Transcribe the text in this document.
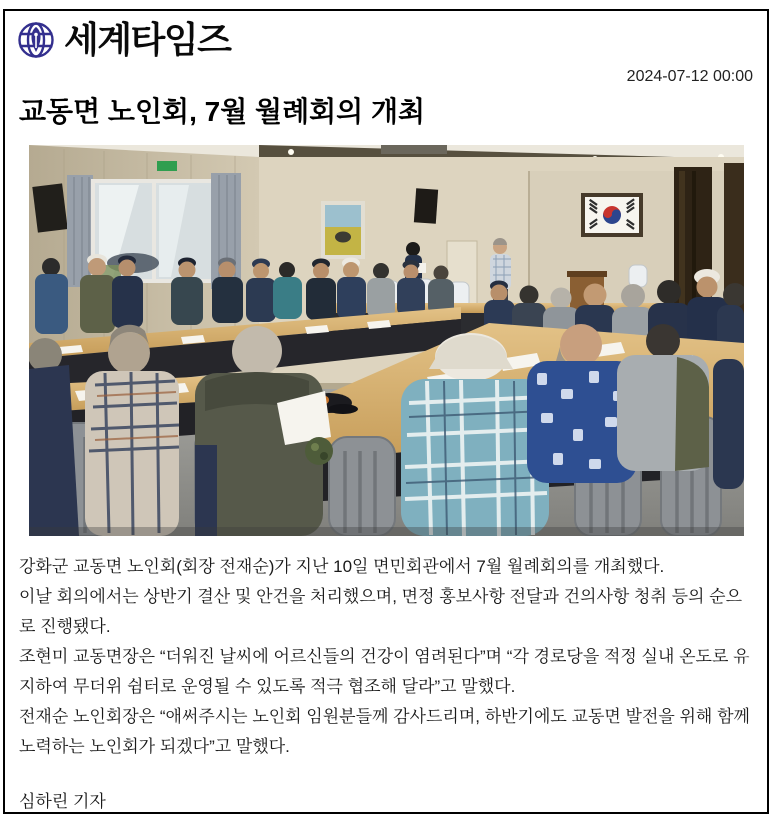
세계타임즈
2024-07-12 00:00
교동면 노인회, 7월 월례회의 개최

강화군 교동면 노인회(회장 전재순)가 지난 10일 면민회관에서 7월 월례회의를 개최했다.

이날 회의에서는 상반기 결산 및 안건을 처리했으며, 면정 홍보사항 전달과 건의사항 청취 등의 순으로 진행됐다.

조현미 교동면장은 “더워진 날씨에 어르신들의 건강이 염려된다”며 “각 경로당을 적정 실내 온도로 유지하여 무더위 쉼터로 운영될 수 있도록 적극 협조해 달라”고 말했다.

전재순 노인회장은 “애써주시는 노인회 임원분들께 감사드리며, 하반기에도 교동면 발전을 위해 함께 노력하는 노인회가 되겠다”고 말했다.

심하린 기자
